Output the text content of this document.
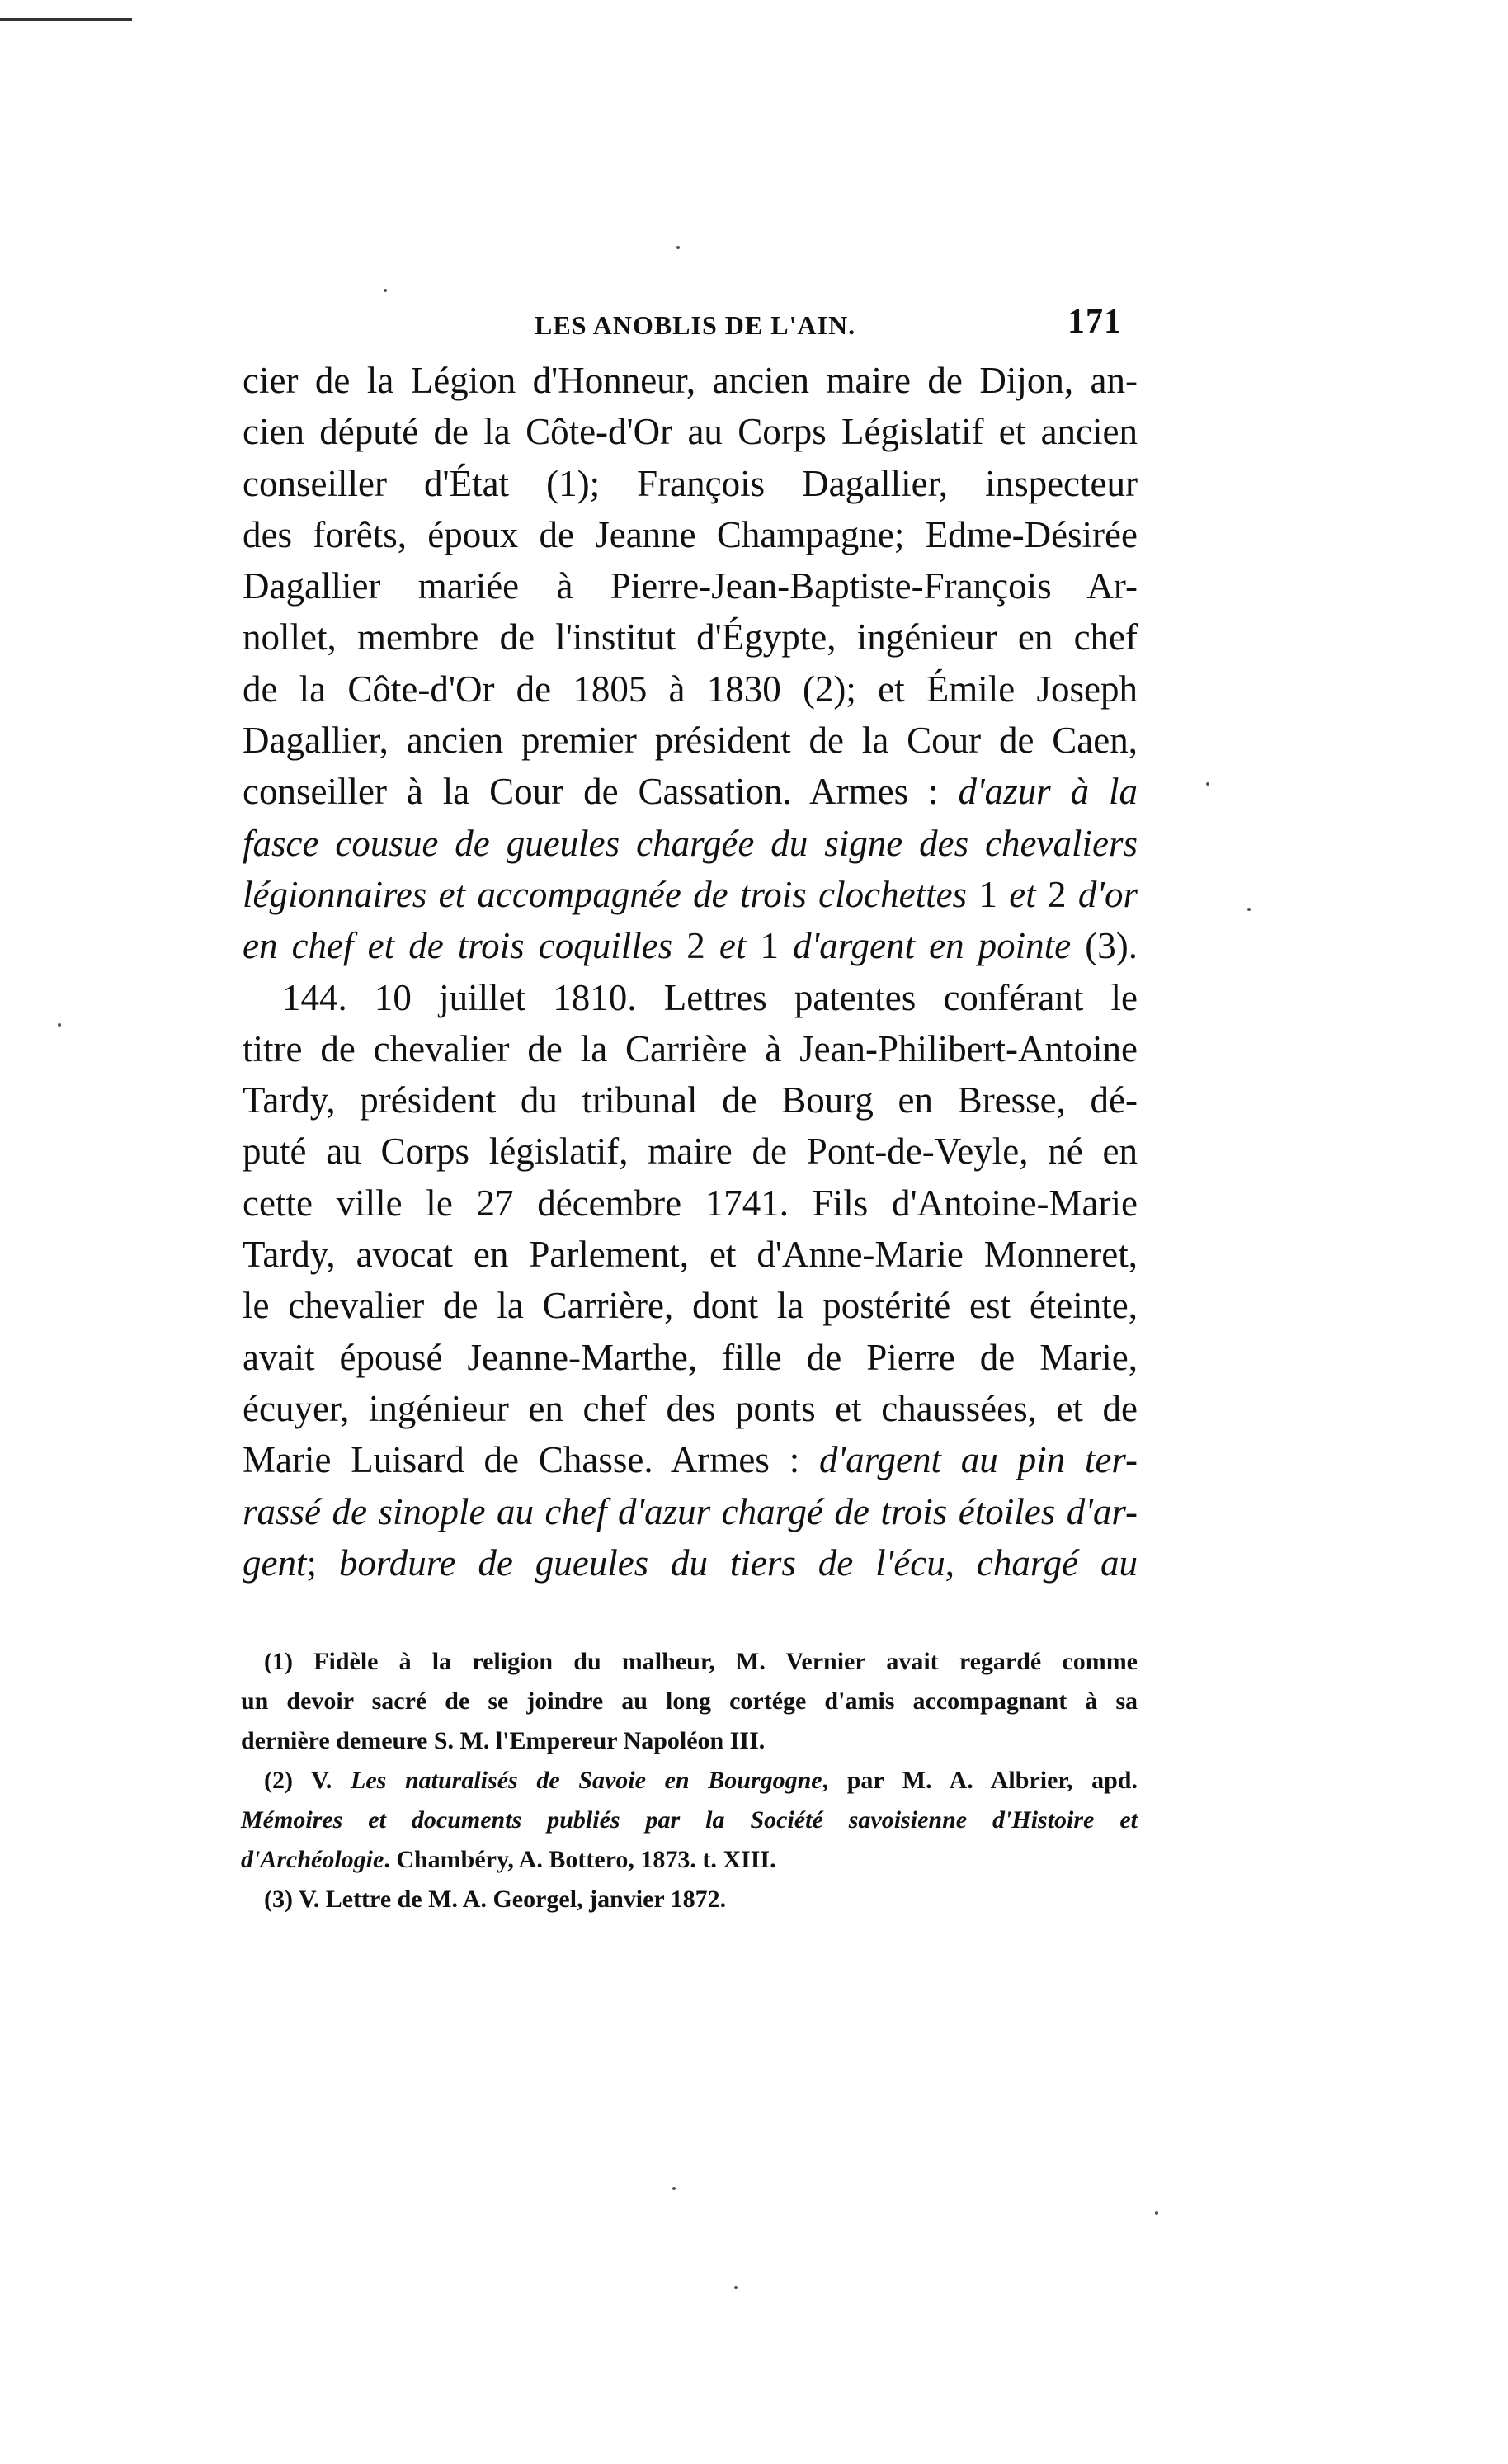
LES ANOBLIS DE L'AIN.	171
cier de la Légion d'Honneur, ancien maire de Dijon, an-
cien député de la Côte-d'Or au Corps Législatif et ancien
conseiller d'État (1); François Dagallier, inspecteur
des forêts, époux de Jeanne Champagne; Edme-Désirée
Dagallier mariée à Pierre-Jean-Baptiste-François Ar-
nollet, membre de l'institut d'Égypte, ingénieur en chef
de la Côte-d'Or de 1805 à 1830 (2); et Émile Joseph
Dagallier, ancien premier président de la Cour de Caen,
conseiller à la Cour de Cassation. Armes : d'azur à la
fasce cousue de gueules chargée du signe des chevaliers
légionnaires et accompagnée de trois clochettes 1 et 2 d'or
en chef et de trois coquilles 2 et 1 d'argent en pointe (3).
144. 10 juillet 1810. Lettres patentes conférant le
titre de chevalier de la Carrière à Jean-Philibert-Antoine
Tardy, président du tribunal de Bourg en Bresse, dé-
puté au Corps législatif, maire de Pont-de-Veyle, né en
cette ville le 27 décembre 1741. Fils d'Antoine-Marie
Tardy, avocat en Parlement, et d'Anne-Marie Monneret,
le chevalier de la Carrière, dont la postérité est éteinte,
avait épousé Jeanne-Marthe, fille de Pierre de Marie,
écuyer, ingénieur en chef des ponts et chaussées, et de
Marie Luisard de Chasse. Armes : d'argent au pin ter-
rassé de sinople au chef d'azur chargé de trois étoiles d'ar-
gent; bordure de gueules du tiers de l'écu, chargé au
(1) Fidèle à la religion du malheur, M. Vernier avait regardé comme
un devoir sacré de se joindre au long cortége d'amis accompagnant à sa
dernière demeure S. M. l'Empereur Napoléon III.
(2) V. Les naturalisés de Savoie en Bourgogne, par M. A. Albrier, apd.
Mémoires et documents publiés par la Société savoisienne d'Histoire et
d'Archéologie. Chambéry, A. Bottero, 1873. t. XIII.
(3) V. Lettre de M. A. Georgel, janvier 1872.
